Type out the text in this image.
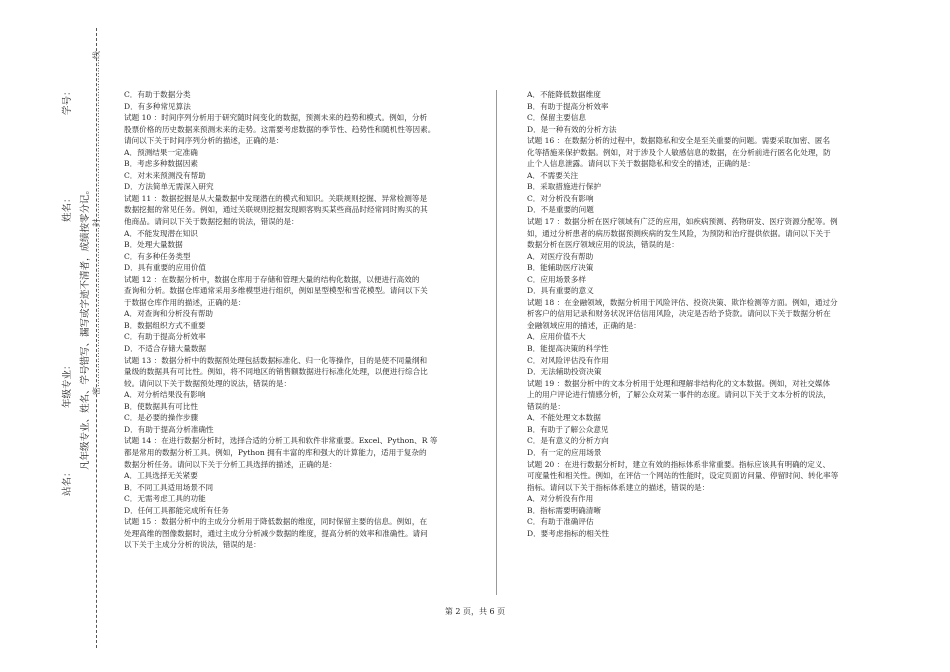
站名：
年级专业：
姓名：
学号：
凡年级专业、姓名、学号错写、漏写或字迹不清者，成绩按零分记。 密……………………………………………………封……………………………………………………线	C．有助于数据分类
D．有多种常见算法
试题 10 ：时间序列分析用于研究随时间变化的数据，预测未来的趋势和模式。例如，分析
股票价格的历史数据来预测未来的走势。这需要考虑数据的季节性、趋势性和随机性等因素。
请问以下关于时间序列分析的描述，正确的是：
A．预测结果一定准确
B．考虑多种数据因素
C．对未来预测没有帮助
D．方法简单无需深入研究
试题 11 ：数据挖掘是从大量数据中发现潜在的模式和知识。关联规则挖掘、异常检测等是
数据挖掘的常见任务。例如，通过关联规则挖掘发现顾客购买某些商品时经常同时购买的其
他商品。请问以下关于数据挖掘的说法，错误的是：
A．不能发现潜在知识
B．处理大量数据
C．有多种任务类型
D．具有重要的应用价值
试题 12 ：在数据分析中，数据仓库用于存储和管理大量的结构化数据，以便进行高效的
查询和分析。数据仓库通常采用多维模型进行组织，例如星型模型和雪花模型。请问以下关
于数据仓库作用的描述，正确的是：
A．对查询和分析没有帮助
B．数据组织方式不重要
C．有助于提高分析效率
D．不适合存储大量数据
试题 13 ：数据分析中的数据预处理包括数据标准化、归一化等操作，目的是使不同量纲和
量级的数据具有可比性。例如，将不同地区的销售额数据进行标准化处理，以便进行综合比
较。请问以下关于数据预处理的说法，错误的是：
A．对分析结果没有影响
B．使数据具有可比性
C．是必要的操作步骤
D．有助于提高分析准确性
试题 14 ：在进行数据分析时，选择合适的分析工具和软件非常重要。Excel、Python、R 等
都是常用的数据分析工具。例如，Python 拥有丰富的库和强大的计算能力，适用于复杂的
数据分析任务。请问以下关于分析工具选择的描述，正确的是：
A．工具选择无关紧要
B．不同工具适用场景不同
C．无需考虑工具的功能
D．任何工具都能完成所有任务
试题 15 ：数据分析中的主成分分析用于降低数据的维度，同时保留主要的信息。例如，在
处理高维的图像数据时，通过主成分分析减少数据的维度，提高分析的效率和准确性。请问
以下关于主成分分析的说法，错误的是：
A．不能降低数据维度
B．有助于提高分析效率
C．保留主要信息
D．是一种有效的分析方法
试题 16 ：在数据分析的过程中，数据隐私和安全是至关重要的问题。需要采取加密、匿名
化等措施来保护数据。例如，对于涉及个人敏感信息的数据，在分析前进行匿名化处理，防
止个人信息泄露。请问以下关于数据隐私和安全的描述，正确的是：
A．不需要关注
B．采取措施进行保护
C．对分析没有影响
D．不是重要的问题
试题 17 ：数据分析在医疗领域有广泛的应用，如疾病预测、药物研发、医疗资源分配等。例
如，通过分析患者的病历数据预测疾病的发生风险，为预防和治疗提供依据。请问以下关于
数据分析在医疗领域应用的说法，错误的是：
A．对医疗没有帮助
B．能辅助医疗决策
C．应用场景多样
D．具有重要的意义
试题 18 ：在金融领域，数据分析用于风险评估、投资决策、欺诈检测等方面。例如，通过分
析客户的信用记录和财务状况评估信用风险，决定是否给予贷款。请问以下关于数据分析在
金融领域应用的描述，正确的是：
A．应用价值不大
B．能提高决策的科学性
C．对风险评估没有作用
D．无法辅助投资决策
试题 19 ：数据分析中的文本分析用于处理和理解非结构化的文本数据。例如，对社交媒体
上的用户评论进行情感分析，了解公众对某一事件的态度。请问以下关于文本分析的说法，
错误的是：
A．不能处理文本数据
B．有助于了解公众意见
C．是有意义的分析方向
D．有一定的应用场景
试题 20 ：在进行数据分析时，建立有效的指标体系非常重要。指标应该具有明确的定义、
可度量性和相关性。例如，在评估一个网站的性能时，设定页面访问量、停留时间、转化率等
指标。请问以下关于指标体系建立的描述，错误的是：
A．对分析没有作用
B．指标需要明确清晰
C．有助于准确评估
D．要考虑指标的相关性
第 2 页，共 6 页
